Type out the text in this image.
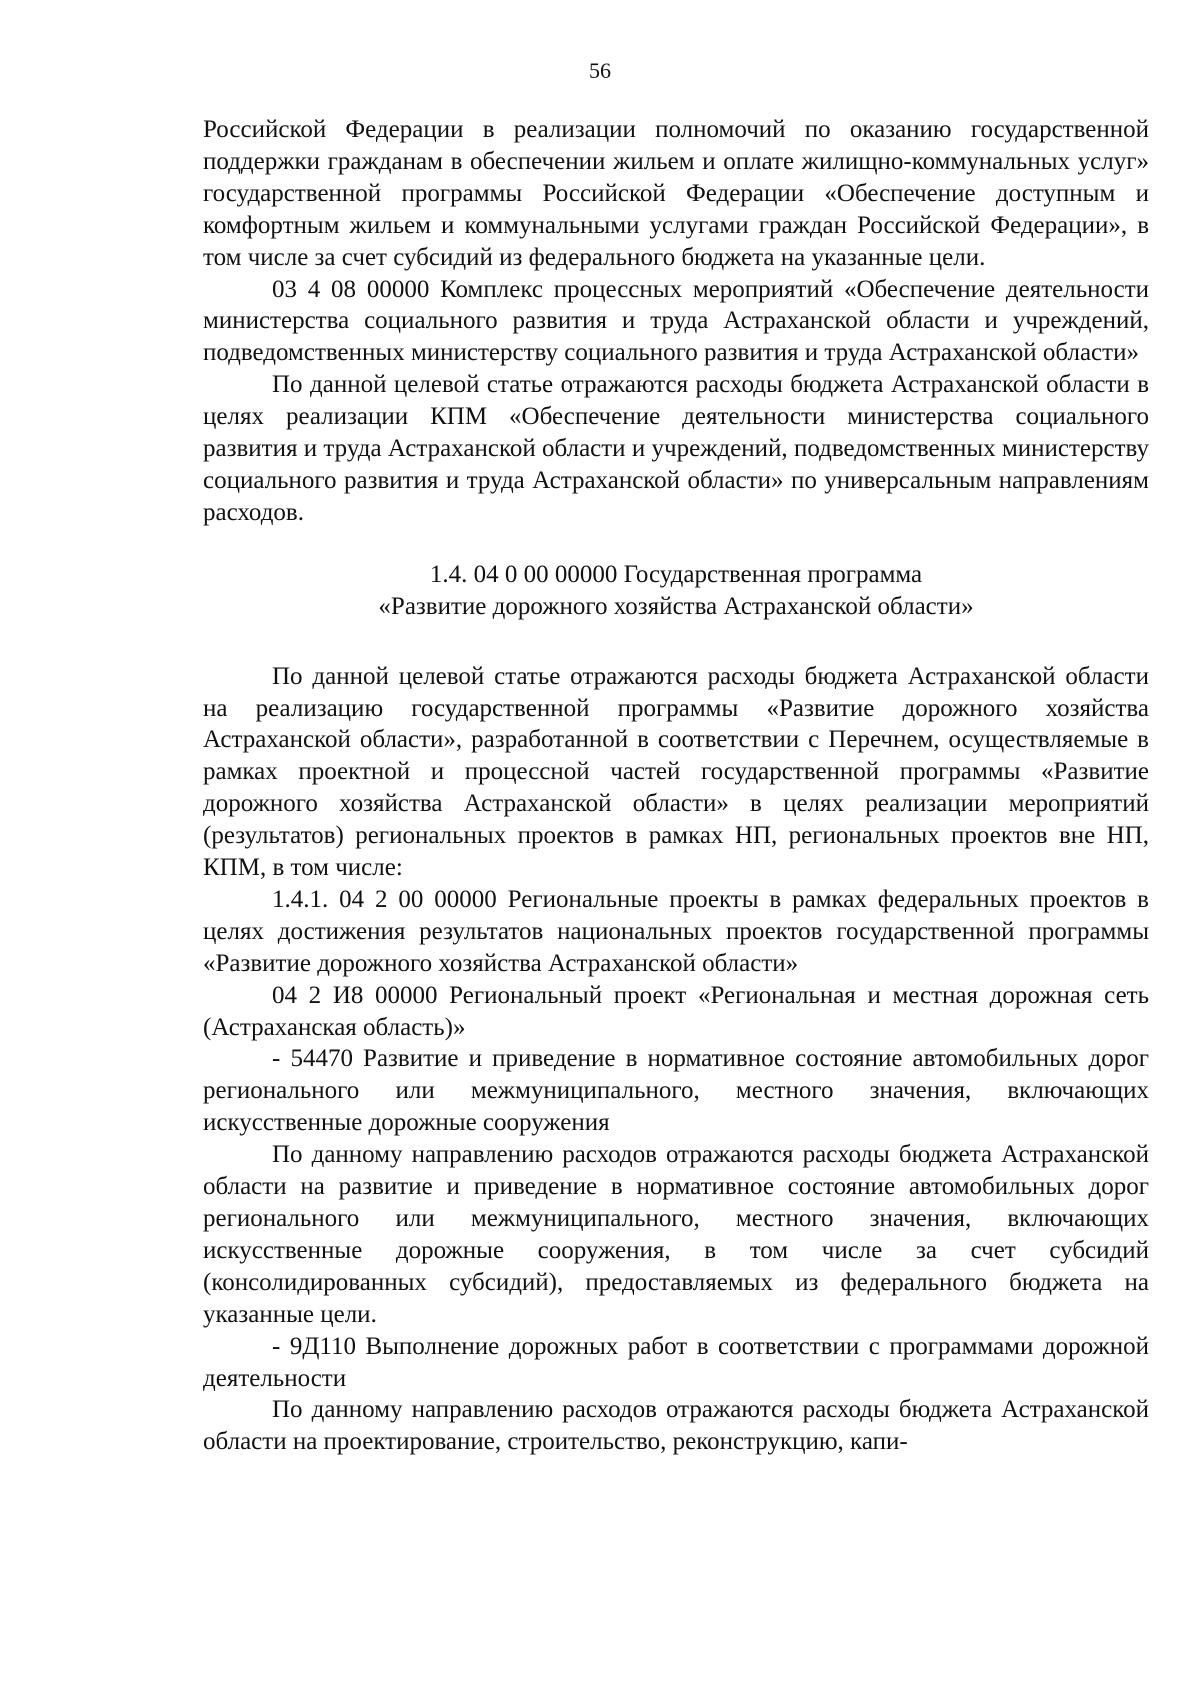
56

Российской Федерации в реализации полномочий по оказанию государственной поддержки гражданам в обеспечении жильем и оплате жилищно-коммунальных услуг» государственной программы Российской Федерации «Обеспечение доступным и комфортным жильем и коммунальными услугами граждан Российской Федерации», в том числе за счет субсидий из федерального бюджета на указанные цели.

03 4 08 00000 Комплекс процессных мероприятий «Обеспечение деятельности министерства социального развития и труда Астраханской области и учреждений, подведомственных министерству социального развития и труда Астраханской области»

По данной целевой статье отражаются расходы бюджета Астраханской области в целях реализации КПМ «Обеспечение деятельности министерства социального развития и труда Астраханской области и учреждений, подведомственных министерству социального развития и труда Астраханской области» по универсальным направлениям расходов.

1.4. 04 0 00 00000 Государственная программа

«Развитие дорожного хозяйства Астраханской области»

По данной целевой статье отражаются расходы бюджета Астраханской области на реализацию государственной программы «Развитие дорожного хозяйства Астраханской области», разработанной в соответствии с Перечнем, осуществляемые в рамках проектной и процессной частей государственной программы «Развитие дорожного хозяйства Астраханской области» в целях реализации мероприятий (результатов) региональных проектов в рамках НП, региональных проектов вне НП, КПМ, в том числе:

1.4.1. 04 2 00 00000 Региональные проекты в рамках федеральных проектов в целях достижения результатов национальных проектов государственной программы «Развитие дорожного хозяйства Астраханской области»

04 2 И8 00000 Региональный проект «Региональная и местная дорожная сеть (Астраханская область)»

- 54470 Развитие и приведение в нормативное состояние автомобильных дорог регионального или межмуниципального, местного значения, включающих искусственные дорожные сооружения

По данному направлению расходов отражаются расходы бюджета Астраханской области на развитие и приведение в нормативное состояние автомобильных дорог регионального или межмуниципального, местного значения, включающих искусственные дорожные сооружения, в том числе за счет субсидий (консолидированных субсидий), предоставляемых из федерального бюджета на указанные цели.

- 9Д110 Выполнение дорожных работ в соответствии с программами дорожной деятельности

По данному направлению расходов отражаются расходы бюджета Астраханской области на проектирование, строительство, реконструкцию, капи-
